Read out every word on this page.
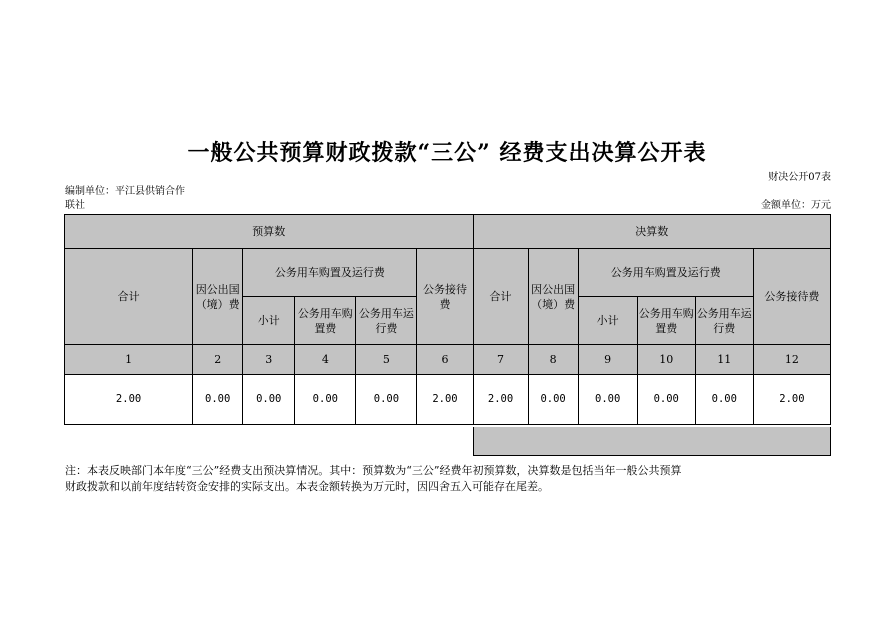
一般公共预算财政拨款“三公” 经费支出决算公开表
财决公开07表
编制单位：平江县供销合作
联社	金额单位：万元
预算数						决算数					
合计	因公出国（境）费	公务用车购置及运行费			公务接待费	合计	因公出国（境）费	公务用车购置及运行费			公务接待费
		小计	公务用车购置费	公务用车运行费				小计	公务用车购置费	公务用车运行费	
1	2	3	4	5	6	7	8	9	10	11	12
2.00	0.00	0.00	0.00	0.00	2.00	2.00	0.00	0.00	0.00	0.00	2.00
注：本表反映部门本年度“三公”经费支出预决算情况。其中：预算数为“三公”经费年初预算数，决算数是包括当年一般公共预算
财政拨款和以前年度结转资金安排的实际支出。本表金额转换为万元时，因四舍五入可能存在尾差。
